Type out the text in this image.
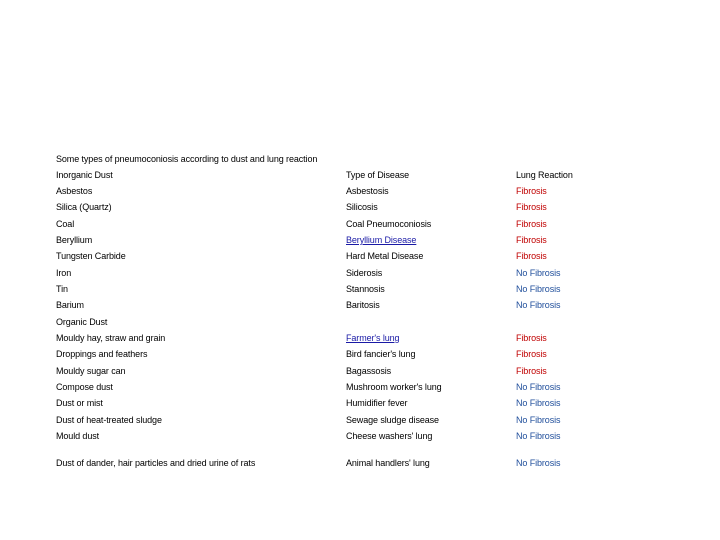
Some types of pneumoconiosis according to dust and lung reaction
Inorganic Dust	Type of Disease	Lung Reaction
Asbestos	Asbestosis	Fibrosis
Silica (Quartz)	Silicosis	Fibrosis
Coal	Coal Pneumoconiosis	Fibrosis
Beryllium	Beryllium Disease	Fibrosis
Tungsten Carbide	Hard Metal Disease	Fibrosis
Iron	Siderosis	No Fibrosis
Tin	Stannosis	No Fibrosis
Barium	Baritosis	No Fibrosis
Organic Dust
Mouldy hay, straw and grain	Farmer's lung	Fibrosis
Droppings and feathers	Bird fancier's lung	Fibrosis
Mouldy sugar can	Bagassosis	Fibrosis
Compose dust	Mushroom worker's lung	No Fibrosis
Dust or mist	Humidifier fever	No Fibrosis
Dust of heat-treated sludge	Sewage sludge disease	No Fibrosis
Mould dust	Cheese washers' lung	No Fibrosis
Dust of dander, hair particles and dried urine of rats	Animal handlers' lung	No Fibrosis
